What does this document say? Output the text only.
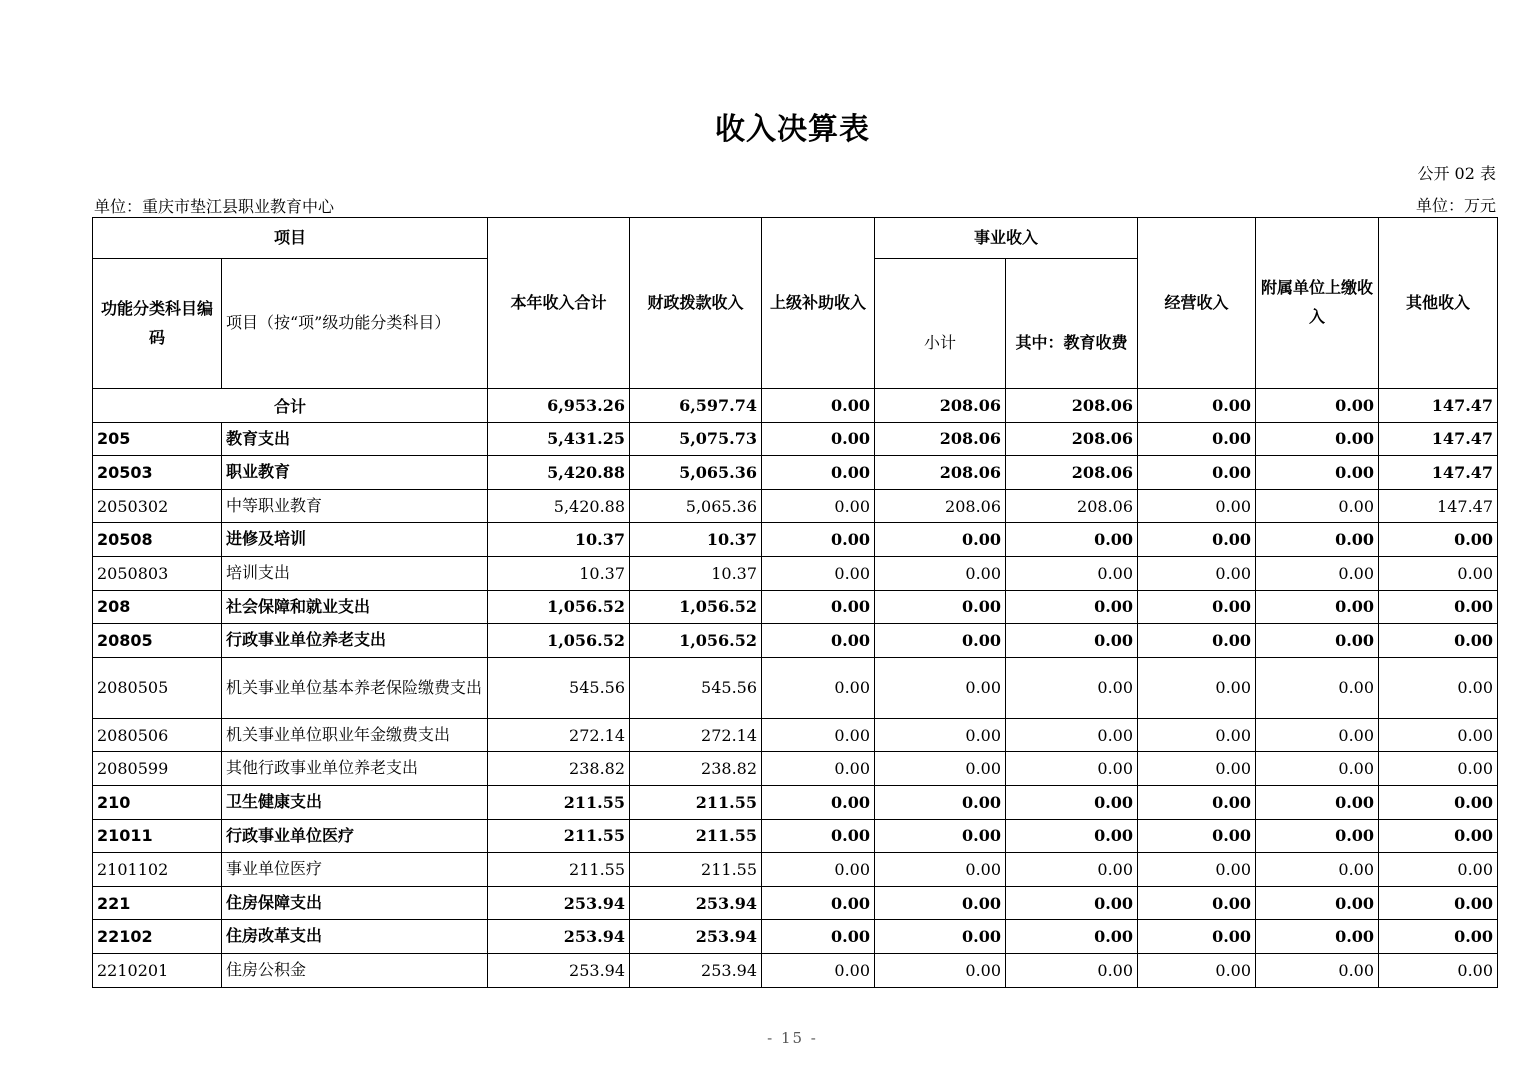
收入决算表
公开 02 表
单位：重庆市垫江县职业教育中心	单位：万元
项目		本年收入合计	财政拨款收入	上级补助收入	事业收入		经营收入	附属单位上缴收入	其他收入
功能分类科目编码	项目（按“项”级功能分类科目）				小计	其中：教育收费			
合计		6,953.26	6,597.74	0.00	208.06	208.06	0.00	0.00	147.47
205	教育支出	5,431.25	5,075.73	0.00	208.06	208.06	0.00	0.00	147.47
20503	职业教育	5,420.88	5,065.36	0.00	208.06	208.06	0.00	0.00	147.47
2050302	中等职业教育	5,420.88	5,065.36	0.00	208.06	208.06	0.00	0.00	147.47
20508	进修及培训	10.37	10.37	0.00	0.00	0.00	0.00	0.00	0.00
2050803	培训支出	10.37	10.37	0.00	0.00	0.00	0.00	0.00	0.00
208	社会保障和就业支出	1,056.52	1,056.52	0.00	0.00	0.00	0.00	0.00	0.00
20805	行政事业单位养老支出	1,056.52	1,056.52	0.00	0.00	0.00	0.00	0.00	0.00
2080505	机关事业单位基本养老保险缴费支出	545.56	545.56	0.00	0.00	0.00	0.00	0.00	0.00
2080506	机关事业单位职业年金缴费支出	272.14	272.14	0.00	0.00	0.00	0.00	0.00	0.00
2080599	其他行政事业单位养老支出	238.82	238.82	0.00	0.00	0.00	0.00	0.00	0.00
210	卫生健康支出	211.55	211.55	0.00	0.00	0.00	0.00	0.00	0.00
21011	行政事业单位医疗	211.55	211.55	0.00	0.00	0.00	0.00	0.00	0.00
2101102	事业单位医疗	211.55	211.55	0.00	0.00	0.00	0.00	0.00	0.00
221	住房保障支出	253.94	253.94	0.00	0.00	0.00	0.00	0.00	0.00
22102	住房改革支出	253.94	253.94	0.00	0.00	0.00	0.00	0.00	0.00
2210201	住房公积金	253.94	253.94	0.00	0.00	0.00	0.00	0.00	0.00
- 15 -
